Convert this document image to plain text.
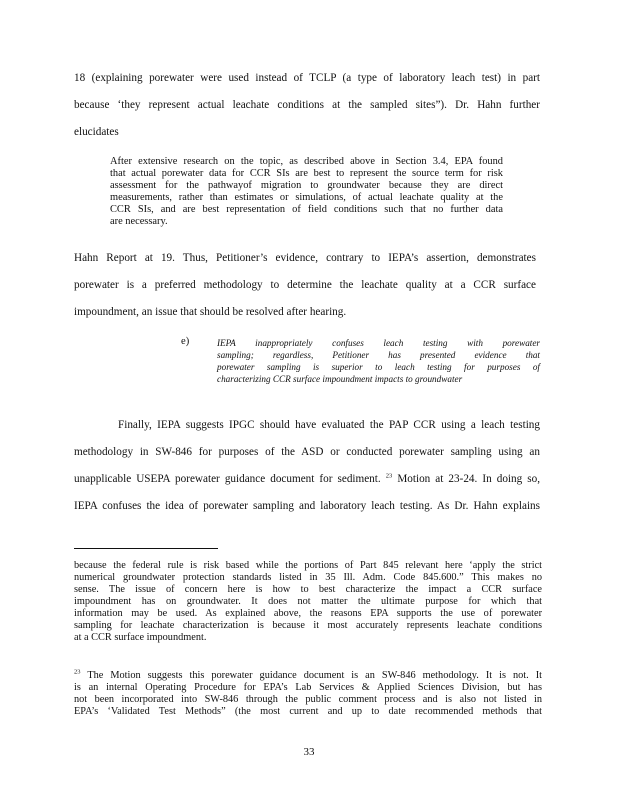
18 (explaining porewater were used instead of TCLP (a type of laboratory leach test) in part
because ‘they represent actual leachate conditions at the sampled sites”). Dr. Hahn further
elucidates
After extensive research on the topic, as described above in Section 3.4, EPA found
that actual porewater data for CCR SIs are best to represent the source term for risk
assessment for the pathwayof migration to groundwater because they are direct
measurements, rather than estimates or simulations, of actual leachate quality at the
CCR SIs, and are best representation of field conditions such that no further data
are necessary.
Hahn Report at 19. Thus, Petitioner’s evidence, contrary to IEPA’s assertion, demonstrates
porewater is a preferred methodology to determine the leachate quality at a CCR surface
impoundment, an issue that should be resolved after hearing.
e)	IEPA inappropriately confuses leach testing with porewater
sampling; regardless, Petitioner has presented evidence that
porewater sampling is superior to leach testing for purposes of
characterizing CCR surface impoundment impacts to groundwater
Finally, IEPA suggests IPGC should have evaluated the PAP CCR using a leach testing
methodology in SW-846 for purposes of the ASD or conducted porewater sampling using an
unapplicable USEPA porewater guidance document for sediment. $^{23}$ Motion at 23-24. In doing so,
IEPA confuses the idea of porewater sampling and laboratory leach testing. As Dr. Hahn explains
because the federal rule is risk based while the portions of Part 845 relevant here ‘apply the strict
numerical groundwater protection standards listed in 35 Ill. Adm. Code 845.600.” This makes no
sense. The issue of concern here is how to best characterize the impact a CCR surface
impoundment has on groundwater. It does not matter the ultimate purpose for which that
information may be used. As explained above, the reasons EPA supports the use of porewater
sampling for leachate characterization is because it most accurately represents leachate conditions
at a CCR surface impoundment.
$^{23}$ The Motion suggests this porewater guidance document is an SW-846 methodology. It is not. It
is an internal Operating Procedure for EPA’s Lab Services & Applied Sciences Division, but has
not been incorporated into SW-846 through the public comment process and is also not listed in
EPA’s ‘Validated Test Methods” (the most current and up to date recommended methods that
33
